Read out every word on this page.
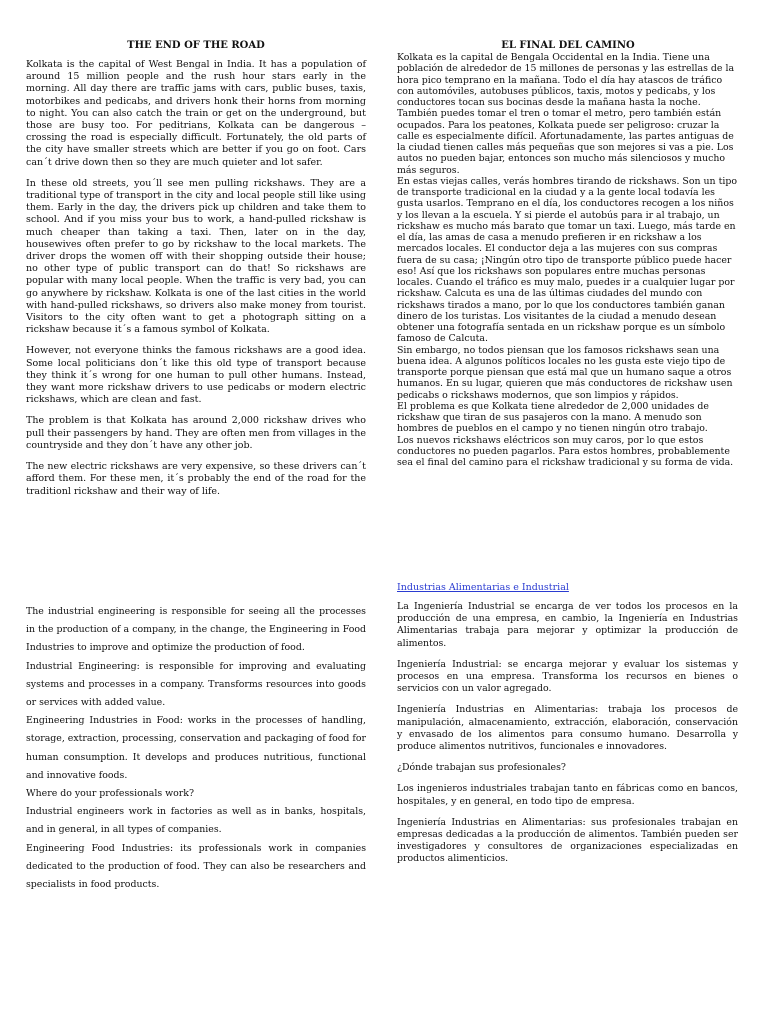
THE END OF THE ROAD

Kolkata is the capital of West Bengal in India. It has a population of around 15 million people and the rush hour stars early in the morning. All day there are traffic jams with cars, public buses, taxis, motorbikes and pedicabs, and drivers honk their horns from morning to night. You can also catch the train or get on the underground, but those are busy too. For peditrians, Kolkata can be dangerous – crossing the road is especially difficult. Fortunately, the old parts of the city have smaller streets which are better if you go on foot. Cars can´t drive down then so they are much quieter and lot safer.

In these old streets, you´ll see men pulling rickshaws. They are a traditional type of transport in the city and local people still like using them. Early in the day, the drivers pick up children and take them to school. And if you miss your bus to work, a hand-pulled rickshaw is much cheaper than taking a taxi. Then, later on in the day, housewives often prefer to go by rickshaw to the local markets. The driver drops the women off with their shopping outside their house; no other type of public transport can do that! So rickshaws are popular with many local people. When the traffic is very bad, you can go anywhere by rickshaw. Kolkata is one of the last cities in the world with hand-pulled rickshaws, so drivers also make money from tourist. Visitors to the city often want to get a photograph sitting on a rickshaw because it´s a famous symbol of Kolkata.

However, not everyone thinks the famous rickshaws are a good idea. Some local politicians don´t like this old type of transport because they think it´s wrong for one human to pull other humans. Instead, they want more rickshaw drivers to use pedicabs or modern electric rickshaws, which are clean and fast.

The problem is that Kolkata has around 2,000 rickshaw drives who pull their passengers by hand. They are often men from villages in the countryside and they don´t have any other job.

The new electric rickshaws are very expensive, so these drivers can´t afford them. For these men, it´s probably the end of the road for the traditionl rickshaw and their way of life.

EL FINAL DEL CAMINO

Kolkata es la capital de Bengala Occidental en la India. Tiene una población de alrededor de 15 millones de personas y las estrellas de la hora pico temprano en la mañana. Todo el día hay atascos de tráfico con automóviles, autobuses públicos, taxis, motos y pedicabs, y los conductores tocan sus bocinas desde la mañana hasta la noche. También puedes tomar el tren o tomar el metro, pero también están ocupados. Para los peatones, Kolkata puede ser peligroso: cruzar la calle es especialmente difícil. Afortunadamente, las partes antiguas de la ciudad tienen calles más pequeñas que son mejores si vas a pie. Los autos no pueden bajar, entonces son mucho más silenciosos y mucho más seguros.

En estas viejas calles, verás hombres tirando de rickshaws. Son un tipo de transporte tradicional en la ciudad y a la gente local todavía les gusta usarlos. Temprano en el día, los conductores recogen a los niños y los llevan a la escuela. Y si pierde el autobús para ir al trabajo, un rickshaw es mucho más barato que tomar un taxi. Luego, más tarde en el día, las amas de casa a menudo prefieren ir en rickshaw a los mercados locales. El conductor deja a las mujeres con sus compras fuera de su casa; ¡Ningún otro tipo de transporte público puede hacer eso! Así que los rickshaws son populares entre muchas personas locales. Cuando el tráfico es muy malo, puedes ir a cualquier lugar por rickshaw. Calcuta es una de las últimas ciudades del mundo con rickshaws tirados a mano, por lo que los conductores también ganan dinero de los turistas. Los visitantes de la ciudad a menudo desean obtener una fotografía sentada en un rickshaw porque es un símbolo famoso de Calcuta.

Sin embargo, no todos piensan que los famosos rickshaws sean una buena idea. A algunos políticos locales no les gusta este viejo tipo de transporte porque piensan que está mal que un humano saque a otros humanos. En su lugar, quieren que más conductores de rickshaw usen pedicabs o rickshaws modernos, que son limpios y rápidos.

El problema es que Kolkata tiene alrededor de 2,000 unidades de rickshaw que tiran de sus pasajeros con la mano. A menudo son hombres de pueblos en el campo y no tienen ningún otro trabajo.

Los nuevos rickshaws eléctricos son muy caros, por lo que estos conductores no pueden pagarlos. Para estos hombres, probablemente sea el final del camino para el rickshaw tradicional y su forma de vida.

The industrial engineering is responsible for seeing all the processes in the production of a company, in the change, the Engineering in Food Industries to improve and optimize the production of food.

Industrial Engineering: is responsible for improving and evaluating systems and processes in a company. Transforms resources into goods or services with added value.

Engineering Industries in Food: works in the processes of handling, storage, extraction, processing, conservation and packaging of food for human consumption. It develops and produces nutritious, functional and innovative foods.

Where do your professionals work?

Industrial engineers work in factories as well as in banks, hospitals, and in general, in all types of companies.

Engineering Food Industries: its professionals work in companies dedicated to the production of food. They can also be researchers and specialists in food products.

Industrias Alimentarias e Industrial

La Ingeniería Industrial se encarga de ver todos los procesos en la producción de una empresa, en cambio, la Ingeniería en Industrias Alimentarias trabaja para mejorar y optimizar la producción de alimentos.

Ingeniería Industrial: se encarga mejorar y evaluar los sistemas y procesos en una empresa. Transforma los recursos en bienes o servicios con un valor agregado.

Ingeniería Industrias en Alimentarias: trabaja los procesos de manipulación, almacenamiento, extracción, elaboración, conservación y envasado de los alimentos para consumo humano. Desarrolla y produce alimentos nutritivos, funcionales e innovadores.

¿Dónde trabajan sus profesionales?

Los ingenieros industriales trabajan tanto en fábricas como en bancos, hospitales, y en general, en todo tipo de empresa.

Ingeniería Industrias en Alimentarias: sus profesionales trabajan en empresas dedicadas a la producción de alimentos. También pueden ser investigadores y consultores de organizaciones especializadas en productos alimenticios.
